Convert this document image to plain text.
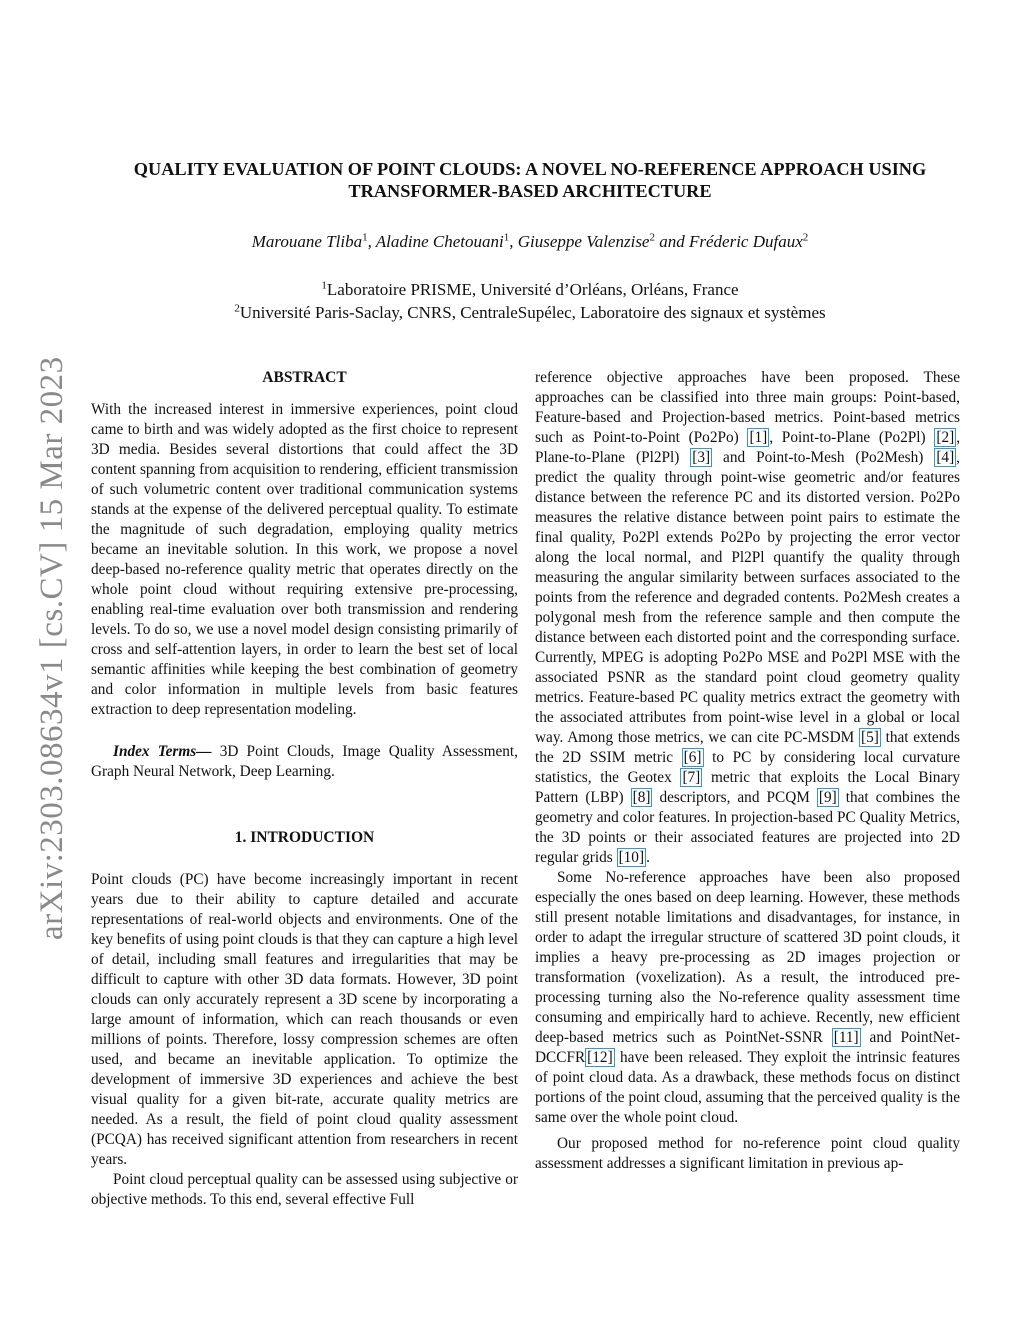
arXiv:2303.08634v1 [cs.CV] 15 Mar 2023
QUALITY EVALUATION OF POINT CLOUDS: A NOVEL NO-REFERENCE APPROACH USING
TRANSFORMER-BASED ARCHITECTURE
Marouane Tliba$^1$, Aladine Chetouani$^1$, Giuseppe Valenzise$^2$ and Fréderic Dufaux$^2$
$^1$Laboratoire PRISME, Université d’Orléans, Orléans, France
$^2$Université Paris-Saclay, CNRS, CentraleSupélec, Laboratoire des signaux et systèmes
ABSTRACT

With the increased interest in immersive experiences, point cloud came to birth and was widely adopted as the first choice to represent 3D media. Besides several distortions that could affect the 3D content spanning from acquisition to rendering, efficient transmission of such volumetric content over traditional communication systems stands at the expense of the delivered perceptual quality. To estimate the magnitude of such degradation, employing quality metrics became an inevitable solution. In this work, we propose a novel deep-based no-reference quality metric that operates directly on the whole point cloud without requiring extensive pre-processing, enabling real-time evaluation over both transmission and rendering levels. To do so, we use a novel model design consisting primarily of cross and self-attention layers, in order to learn the best set of local semantic affinities while keeping the best combination of geometry and color information in multiple levels from basic features extraction to deep representation modeling.

Index Terms— 3D Point Clouds, Image Quality Assessment, Graph Neural Network, Deep Learning.

1. INTRODUCTION

Point clouds (PC) have become increasingly important in recent years due to their ability to capture detailed and accurate representations of real-world objects and environments. One of the key benefits of using point clouds is that they can capture a high level of detail, including small features and irregularities that may be difficult to capture with other 3D data formats. However, 3D point clouds can only accurately represent a 3D scene by incorporating a large amount of information, which can reach thousands or even millions of points. Therefore, lossy compression schemes are often used, and became an inevitable application. To optimize the development of immersive 3D experiences and achieve the best visual quality for a given bit-rate, accurate quality metrics are needed. As a result, the field of point cloud quality assessment (PCQA) has received significant attention from researchers in recent years.

Point cloud perceptual quality can be assessed using subjective or objective methods. To this end, several effective Full

reference objective approaches have been proposed. These approaches can be classified into three main groups: Point-based, Feature-based and Projection-based metrics. Point-based metrics such as Point-to-Point (Po2Po) [1] , Point-to-Plane (Po2Pl) [2] , Plane-to-Plane (Pl2Pl) [3] and Point-to-Mesh (Po2Mesh) [4] , predict the quality through point-wise geometric and/or features distance between the reference PC and its distorted version. Po2Po measures the relative distance between point pairs to estimate the final quality, Po2Pl extends Po2Po by projecting the error vector along the local normal, and Pl2Pl quantify the quality through measuring the angular similarity between surfaces associated to the points from the reference and degraded contents. Po2Mesh creates a polygonal mesh from the reference sample and then compute the distance between each distorted point and the corresponding surface. Currently, MPEG is adopting Po2Po MSE and Po2Pl MSE with the associated PSNR as the standard point cloud geometry quality metrics. Feature-based PC quality metrics extract the geometry with the associated attributes from point-wise level in a global or local way. Among those metrics, we can cite PC-MSDM [5] that extends the 2D SSIM metric [6] to PC by considering local curvature statistics, the Geotex [7] metric that exploits the Local Binary Pattern (LBP) [8] descriptors, and PCQM [9] that combines the geometry and color features. In projection-based PC Quality Metrics, the 3D points or their associated features are projected into 2D regular grids [10] .

Some No-reference approaches have been also proposed especially the ones based on deep learning. However, these methods still present notable limitations and disadvantages, for instance, in order to adapt the irregular structure of scattered 3D point clouds, it implies a heavy pre-processing as 2D images projection or transformation (voxelization). As a result, the introduced pre-processing turning also the No-reference quality assessment time consuming and empirically hard to achieve. Recently, new efficient deep-based metrics such as PointNet-SSNR [11] and PointNet-DCCFR [12] have been released. They exploit the intrinsic features of point cloud data. As a drawback, these methods focus on distinct portions of the point cloud, assuming that the perceived quality is the same over the whole point cloud.

Our proposed method for no-reference point cloud quality assessment addresses a significant limitation in previous ap-
